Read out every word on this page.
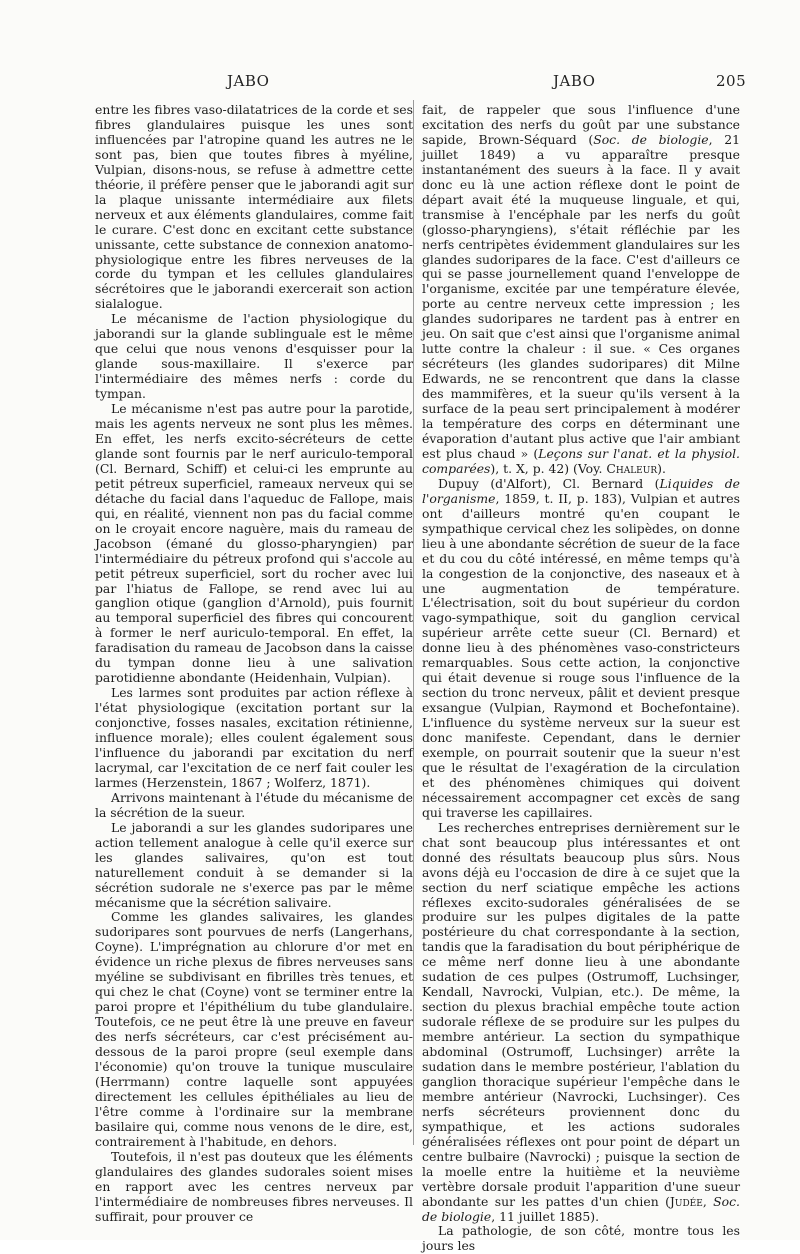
JABO	JABO	205

entre les fibres vaso-dilatatrices de la corde et ses fibres glandulaires puisque les unes sont influencées par l'atropine quand les autres ne le sont pas, bien que toutes fibres à myéline, Vulpian, disons-nous, se refuse à admettre cette théorie, il préfère penser que le jaborandi agit sur la plaque unissante intermédiaire aux filets nerveux et aux éléments glandulaires, comme fait le curare. C'est donc en excitant cette substance unissante, cette substance de connexion anatomo-physiologique entre les fibres nerveuses de la corde du tympan et les cellules glandulaires sécrétoires que le jaborandi exercerait son action sialalogue.

Le mécanisme de l'action physiologique du jaborandi sur la glande sublinguale est le même que celui que nous venons d'esquisser pour la glande sous-maxillaire. Il s'exerce par l'intermédiaire des mêmes nerfs : corde du tympan.

Le mécanisme n'est pas autre pour la parotide, mais les agents nerveux ne sont plus les mêmes. En effet, les nerfs excito-sécréteurs de cette glande sont fournis par le nerf auriculo-temporal (Cl. Bernard, Schiff) et celui-ci les emprunte au petit pétreux superficiel, rameaux nerveux qui se détache du facial dans l'aqueduc de Fallope, mais qui, en réalité, viennent non pas du facial comme on le croyait encore naguère, mais du rameau de Jacobson (émané du glosso-pharyngien) par l'intermédiaire du pétreux profond qui s'accole au petit pétreux superficiel, sort du rocher avec lui par l'hiatus de Fallope, se rend avec lui au ganglion otique (ganglion d'Arnold), puis fournit au temporal superficiel des fibres qui concourent à former le nerf auriculo-temporal. En effet, la faradisation du rameau de Jacobson dans la caisse du tympan donne lieu à une salivation parotidienne abondante (Heidenhain, Vulpian).

Les larmes sont produites par action réflexe à l'état physiologique (excitation portant sur la conjonctive, fosses nasales, excitation rétinienne, influence morale); elles coulent également sous l'influence du jaborandi par excitation du nerf lacrymal, car l'excitation de ce nerf fait couler les larmes (Herzenstein, 1867 ; Wolferz, 1871).

Arrivons maintenant à l'étude du mécanisme de la sécrétion de la sueur.

Le jaborandi a sur les glandes sudoripares une action tellement analogue à celle qu'il exerce sur les glandes salivaires, qu'on est tout naturellement conduit à se demander si la sécrétion sudorale ne s'exerce pas par le même mécanisme que la sécrétion salivaire.

Comme les glandes salivaires, les glandes sudoripares sont pourvues de nerfs (Langerhans, Coyne). L'imprégnation au chlorure d'or met en évidence un riche plexus de fibres nerveuses sans myéline se subdivisant en fibrilles très tenues, et qui chez le chat (Coyne) vont se terminer entre la paroi propre et l'épithélium du tube glandulaire. Toutefois, ce ne peut être là une preuve en faveur des nerfs sécréteurs, car c'est précisément au-dessous de la paroi propre (seul exemple dans l'économie) qu'on trouve la tunique musculaire (Herrmann) contre laquelle sont appuyées directement les cellules épithéliales au lieu de l'être comme à l'ordinaire sur la membrane basilaire qui, comme nous venons de le dire, est, contrairement à l'habitude, en dehors.

Toutefois, il n'est pas douteux que les éléments glandulaires des glandes sudorales soient mises en rapport avec les centres nerveux par l'intermédiaire de nombreuses fibres nerveuses. Il suffirait, pour prouver ce

fait, de rappeler que sous l'influence d'une excitation des nerfs du goût par une substance sapide, Brown-Séquard (Soc. de biologie, 21 juillet 1849) a vu apparaître presque instantanément des sueurs à la face. Il y avait donc eu là une action réflexe dont le point de départ avait été la muqueuse linguale, et qui, transmise à l'encéphale par les nerfs du goût (glosso-pharyngiens), s'était réfléchie par les nerfs centripètes évidemment glandulaires sur les glandes sudoripares de la face. C'est d'ailleurs ce qui se passe journellement quand l'enveloppe de l'organisme, excitée par une température élevée, porte au centre nerveux cette impression ; les glandes sudoripares ne tardent pas à entrer en jeu. On sait que c'est ainsi que l'organisme animal lutte contre la chaleur : il sue. « Ces organes sécréteurs (les glandes sudoripares) dit Milne Edwards, ne se rencontrent que dans la classe des mammifères, et la sueur qu'ils versent à la surface de la peau sert principalement à modérer la température des corps en déterminant une évaporation d'autant plus active que l'air ambiant est plus chaud » (Leçons sur l'anat. et la physiol. comparées), t. X, p. 42) (Voy. Chaleur).

Dupuy (d'Alfort), Cl. Bernard (Liquides de l'organisme, 1859, t. II, p. 183), Vulpian et autres ont d'ailleurs montré qu'en coupant le sympathique cervical chez les solipèdes, on donne lieu à une abondante sécrétion de sueur de la face et du cou du côté intéressé, en même temps qu'à la congestion de la conjonctive, des naseaux et à une augmentation de température. L'électrisation, soit du bout supérieur du cordon vago-sympathique, soit du ganglion cervical supérieur arrête cette sueur (Cl. Bernard) et donne lieu à des phénomènes vaso-constricteurs remarquables. Sous cette action, la conjonctive qui était devenue si rouge sous l'influence de la section du tronc nerveux, pâlit et devient presque exsangue (Vulpian, Raymond et Bochefontaine). L'influence du système nerveux sur la sueur est donc manifeste. Cependant, dans le dernier exemple, on pourrait soutenir que la sueur n'est que le résultat de l'exagération de la circulation et des phénomènes chimiques qui doivent nécessairement accompagner cet excès de sang qui traverse les capillaires.

Les recherches entreprises dernièrement sur le chat sont beaucoup plus intéressantes et ont donné des résultats beaucoup plus sûrs. Nous avons déjà eu l'occasion de dire à ce sujet que la section du nerf sciatique empêche les actions réflexes excito-sudorales généralisées de se produire sur les pulpes digitales de la patte postérieure du chat correspondante à la section, tandis que la faradisation du bout périphérique de ce même nerf donne lieu à une abondante sudation de ces pulpes (Ostrumoff, Luchsinger, Kendall, Navrocki, Vulpian, etc.). De même, la section du plexus brachial empêche toute action sudorale réflexe de se produire sur les pulpes du membre antérieur. La section du sympathique abdominal (Ostrumoff, Luchsinger) arrête la sudation dans le membre postérieur, l'ablation du ganglion thoracique supérieur l'empêche dans le membre antérieur (Navrocki, Luchsinger). Ces nerfs sécréteurs proviennent donc du sympathique, et les actions sudorales généralisées réflexes ont pour point de départ un centre bulbaire (Navrocki) ; puisque la section de la moelle entre la huitième et la neuvième vertèbre dorsale produit l'apparition d'une sueur abondante sur les pattes d'un chien (Judée, Soc. de biologie, 11 juillet 1885).

La pathologie, de son côté, montre tous les jours les
